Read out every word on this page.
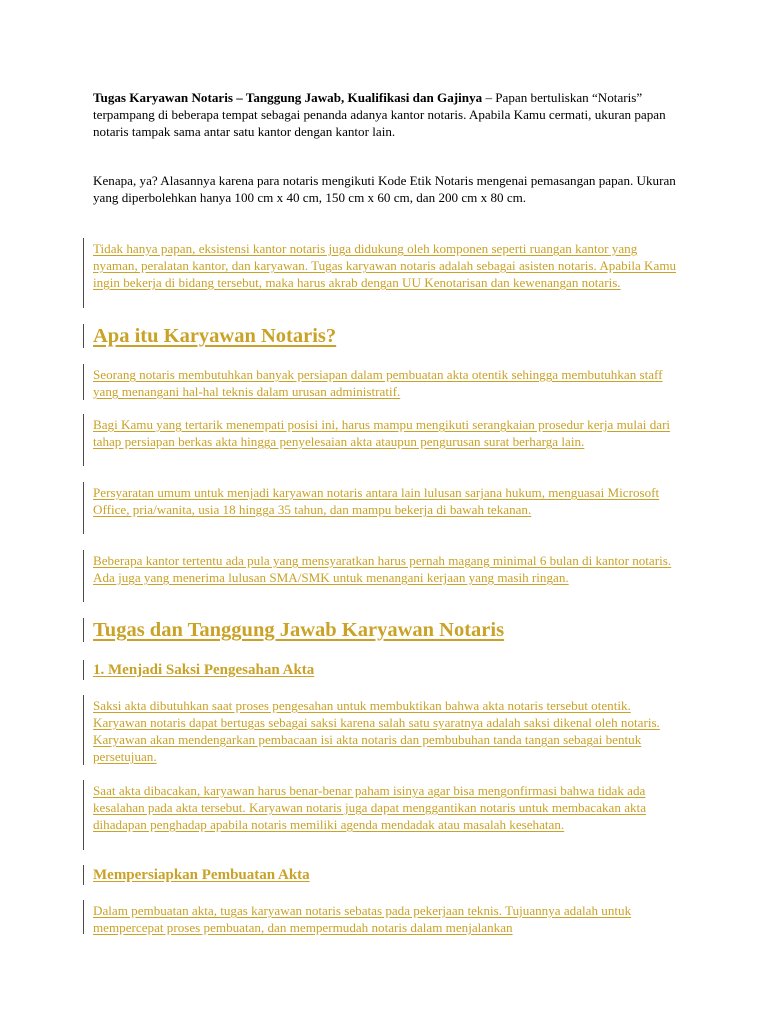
Tugas Karyawan Notaris – Tanggung Jawab, Kualifikasi dan Gajinya – Papan bertuliskan “Notaris” terpampang di beberapa tempat sebagai penanda adanya kantor notaris. Apabila Kamu cermati, ukuran papan notaris tampak sama antar satu kantor dengan kantor lain.

Kenapa, ya? Alasannya karena para notaris mengikuti Kode Etik Notaris mengenai pemasangan papan. Ukuran yang diperbolehkan hanya 100 cm x 40 cm, 150 cm x 60 cm, dan 200 cm x 80 cm.

Tidak hanya papan, eksistensi kantor notaris juga didukung oleh komponen seperti ruangan kantor yang nyaman, peralatan kantor, dan karyawan. Tugas karyawan notaris adalah sebagai asisten notaris. Apabila Kamu ingin bekerja di bidang tersebut, maka harus akrab dengan UU Kenotarisan dan kewenangan notaris.

Apa itu Karyawan Notaris?

Seorang notaris membutuhkan banyak persiapan dalam pembuatan akta otentik sehingga membutuhkan staff yang menangani hal-hal teknis dalam urusan administratif.

Bagi Kamu yang tertarik menempati posisi ini, harus mampu mengikuti serangkaian prosedur kerja mulai dari tahap persiapan berkas akta hingga penyelesaian akta ataupun pengurusan surat berharga lain.

Persyaratan umum untuk menjadi karyawan notaris antara lain lulusan sarjana hukum, menguasai Microsoft Office, pria/wanita, usia 18 hingga 35 tahun, dan mampu bekerja di bawah tekanan.

Beberapa kantor tertentu ada pula yang mensyaratkan harus pernah magang minimal 6 bulan di kantor notaris. Ada juga yang menerima lulusan SMA/SMK untuk menangani kerjaan yang masih ringan.

Tugas dan Tanggung Jawab Karyawan Notaris
1. Menjadi Saksi Pengesahan Akta

Saksi akta dibutuhkan saat proses pengesahan untuk membuktikan bahwa akta notaris tersebut otentik. Karyawan notaris dapat bertugas sebagai saksi karena salah satu syaratnya adalah saksi dikenal oleh notaris. Karyawan akan mendengarkan pembacaan isi akta notaris dan pembubuhan tanda tangan sebagai bentuk persetujuan.

Saat akta dibacakan, karyawan harus benar-benar paham isinya agar bisa mengonfirmasi bahwa tidak ada kesalahan pada akta tersebut. Karyawan notaris juga dapat menggantikan notaris untuk membacakan akta dihadapan penghadap apabila notaris memiliki agenda mendadak atau masalah kesehatan.

Mempersiapkan Pembuatan Akta

Dalam pembuatan akta, tugas karyawan notaris sebatas pada pekerjaan teknis. Tujuannya adalah untuk mempercepat proses pembuatan, dan mempermudah notaris dalam menjalankan
